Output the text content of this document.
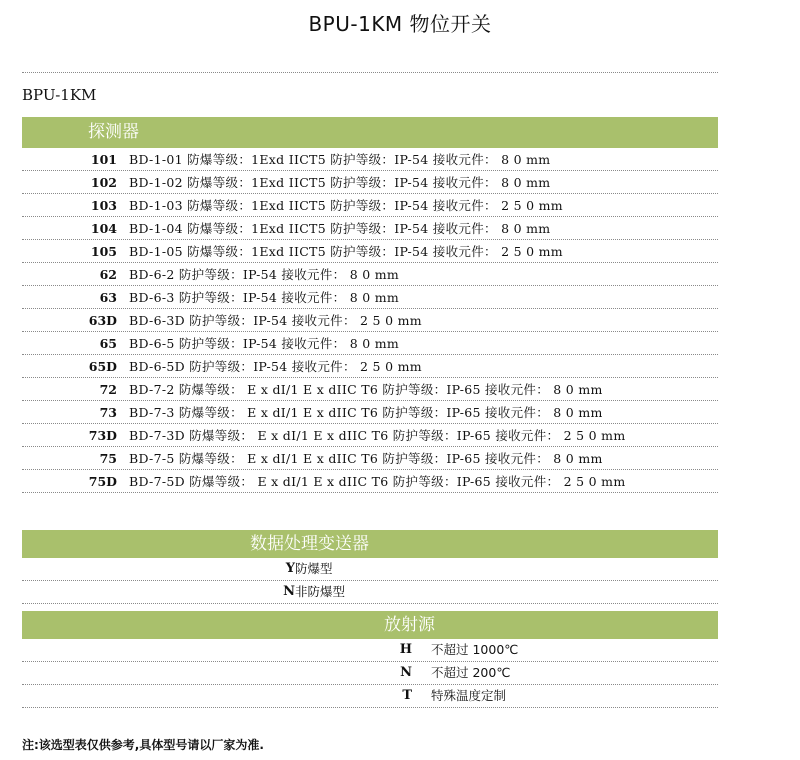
BPU-1KM 物位开关
BPU-1KM
探测器
101 BD-1-01 防爆等级：1Exd IICT5 防护等级：IP-54 接收元件： 8 0 mm
102 BD-1-02 防爆等级：1Exd IICT5 防护等级：IP-54 接收元件： 8 0 mm
103 BD-1-03 防爆等级：1Exd IICT5 防护等级：IP-54 接收元件： 2 5 0 mm
104 BD-1-04 防爆等级：1Exd IICT5 防护等级：IP-54 接收元件： 8 0 mm
105 BD-1-05 防爆等级：1Exd IICT5 防护等级：IP-54 接收元件： 2 5 0 mm
62 BD-6-2 防护等级：IP-54 接收元件： 8 0 mm
63 BD-6-3 防护等级：IP-54 接收元件： 8 0 mm
63D BD-6-3D 防护等级：IP-54 接收元件： 2 5 0 mm
65 BD-6-5 防护等级：IP-54 接收元件： 8 0 mm
65D BD-6-5D 防护等级：IP-54 接收元件： 2 5 0 mm
72 BD-7-2 防爆等级： E x dI/1 E x dIIC T6 防护等级：IP-65 接收元件： 8 0 mm
73 BD-7-3 防爆等级： E x dI/1 E x dIIC T6 防护等级：IP-65 接收元件： 8 0 mm
73D BD-7-3D 防爆等级： E x dI/1 E x dIIC T6 防护等级：IP-65 接收元件： 2 5 0 mm
75 BD-7-5 防爆等级： E x dI/1 E x dIIC T6 防护等级：IP-65 接收元件： 8 0 mm
75D BD-7-5D 防爆等级： E x dI/1 E x dIIC T6 防护等级：IP-65 接收元件： 2 5 0 mm
数据处理变送器
Y 防爆型
N 非防爆型
放射源
H 不超过 1000℃
N 不超过 200℃
T 特殊温度定制
注:该选型表仅供参考,具体型号请以厂家为准.
